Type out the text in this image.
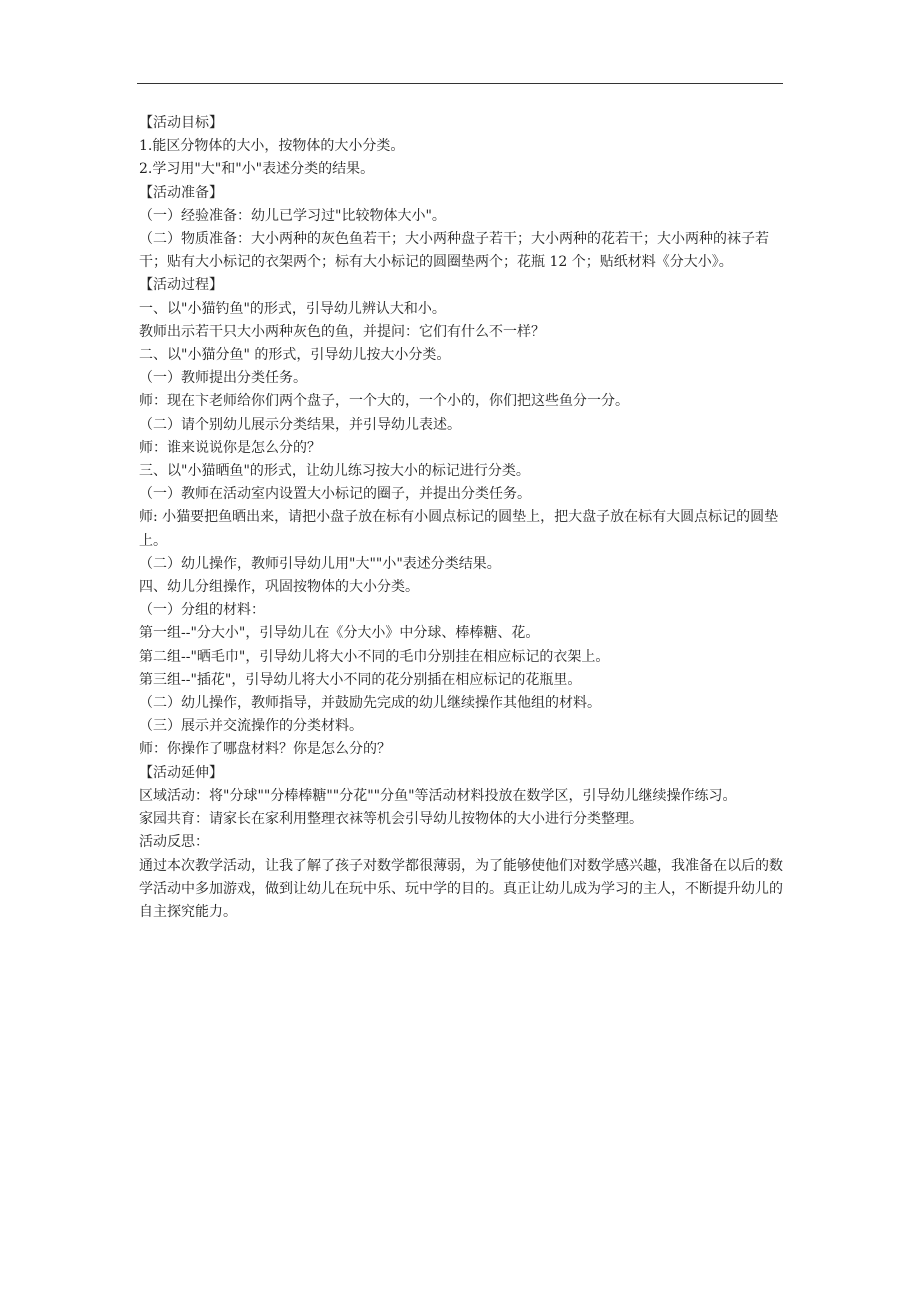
【活动目标】

1.能区分物体的大小，按物体的大小分类。

2.学习用"大"和"小"表述分类的结果。

【活动准备】

（一）经验准备：幼儿已学习过"比较物体大小"。

（二）物质准备：大小两种的灰色鱼若干；大小两种盘子若干；大小两种的花若干；大小两种的袜子若干；贴有大小标记的衣架两个；标有大小标记的圆圈垫两个；花瓶 12 个；贴纸材料《分大小》。

【活动过程】

一、以"小猫钓鱼"的形式，引导幼儿辨认大和小。

教师出示若干只大小两种灰色的鱼，并提问：它们有什么不一样？

二、以"小猫分鱼" 的形式，引导幼儿按大小分类。

（一）教师提出分类任务。

师：现在卞老师给你们两个盘子，一个大的，一个小的，你们把这些鱼分一分。

（二）请个别幼儿展示分类结果，并引导幼儿表述。

师：谁来说说你是怎么分的？

三、以"小猫晒鱼"的形式，让幼儿练习按大小的标记进行分类。

（一）教师在活动室内设置大小标记的圈子，并提出分类任务。

师: 小猫要把鱼晒出来，请把小盘子放在标有小圆点标记的圆垫上，把大盘子放在标有大圆点标记的圆垫上。

（二）幼儿操作，教师引导幼儿用"大""小"表述分类结果。

四、幼儿分组操作，巩固按物体的大小分类。

（一）分组的材料：

第一组--"分大小"，引导幼儿在《分大小》中分球、棒棒糖、花。

第二组--"晒毛巾"，引导幼儿将大小不同的毛巾分别挂在相应标记的衣架上。

第三组--"插花"，引导幼儿将大小不同的花分别插在相应标记的花瓶里。

（二）幼儿操作，教师指导，并鼓励先完成的幼儿继续操作其他组的材料。

（三）展示并交流操作的分类材料。

师：你操作了哪盘材料？你是怎么分的？

【活动延伸】

区域活动：将"分球""分棒棒糖""分花""分鱼"等活动材料投放在数学区，引导幼儿继续操作练习。

家园共育：请家长在家利用整理衣袜等机会引导幼儿按物体的大小进行分类整理。

活动反思：

通过本次教学活动，让我了解了孩子对数学都很薄弱，为了能够使他们对数学感兴趣，我准备在以后的数学活动中多加游戏，做到让幼儿在玩中乐、玩中学的目的。真正让幼儿成为学习的主人，不断提升幼儿的自主探究能力。
